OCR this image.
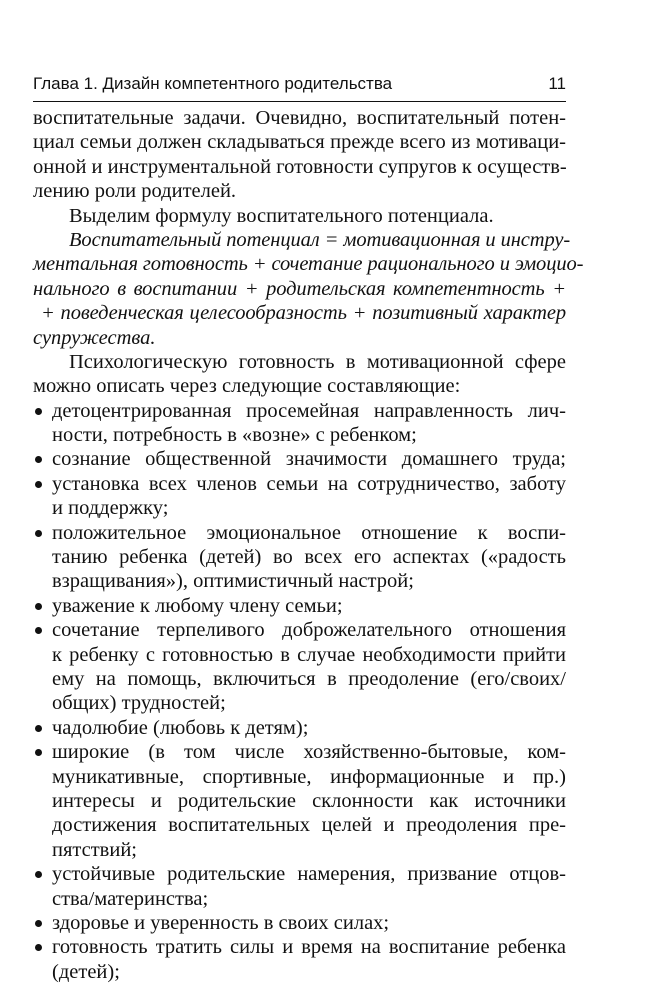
Глава 1. Дизайн компетентного родительства	11
воспитательные задачи. Очевидно, воспитательный потен-
циал семьи должен складываться прежде всего из мотиваци-
онной и инструментальной готовности супругов к осуществ-
лению роли родителей.
Выделим формулу воспитательного потенциала.
Воспитательный потенциал = мотивационная и инстру-
ментальная готовность + сочетание рационального и эмоцио-
нального в воспитании + родительская компетентность +
+ поведенческая целесообразность + позитивный характер
супружества.
Психологическую готовность в мотивационной сфере
можно описать через следующие составляющие:
детоцентрированная просемейная направленность лич-
ности, потребность в «возне» с ребенком;
сознание общественной значимости домашнего труда;
установка всех членов семьи на сотрудничество, заботу
и поддержку;
положительное эмоциональное отношение к воспи-
танию ребенка (детей) во всех его аспектах («радость
взращивания»), оптимистичный настрой;
уважение к любому члену семьи;
сочетание терпеливого доброжелательного отношения
к ребенку с готовностью в случае необходимости прийти
ему на помощь, включиться в преодоление (его/своих/
общих) трудностей;
чадолюбие (любовь к детям);
широкие (в том числе хозяйственно-бытовые, ком-
муникативные, спортивные, информационные и пр.)
интересы и родительские склонности как источники
достижения воспитательных целей и преодоления пре-
пятствий;
устойчивые родительские намерения, призвание отцов-
ства/материнства;
здоровье и уверенность в своих силах;
готовность тратить силы и время на воспитание ребенка
(детей);
